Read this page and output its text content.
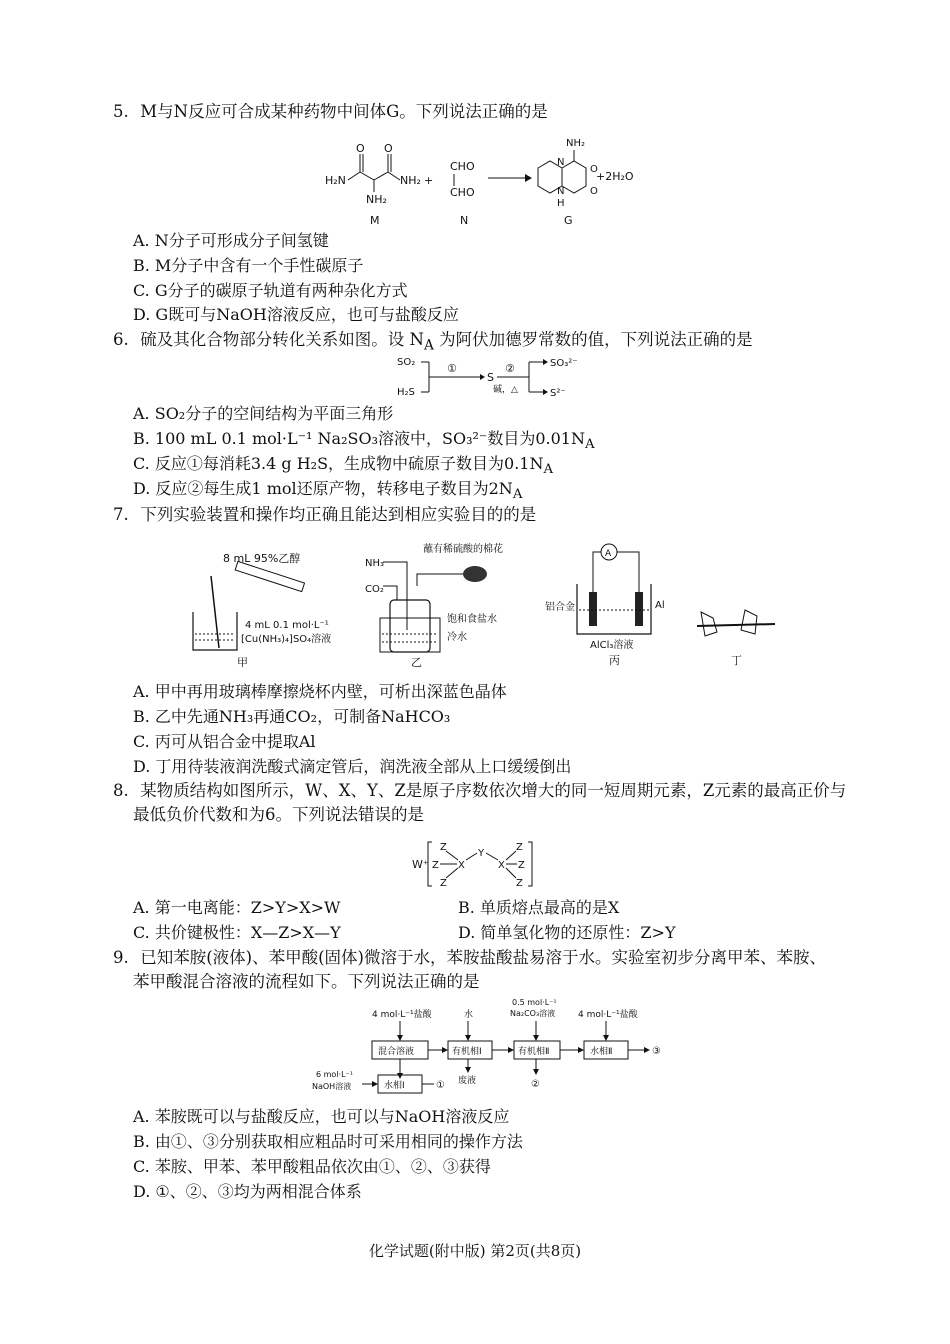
5. M与N反应可合成某种药物中间体G。下列说法正确的是
H₂N
O
NH₂
O
NH₂ +
M
CHO
CHO
N
N
N
H
NH₂
O
O
+2H₂O
G
A. N分子可形成分子间氢键
B. M分子中含有一个手性碳原子
C. G分子的碳原子轨道有两种杂化方式
D. G既可与NaOH溶液反应，也可与盐酸反应
6. 硫及其化合物部分转化关系如图。设 $N_A$ 为阿伏加德罗常数的值，下列说法正确的是
SO₂
H₂S
①
S
②
碱，△
SO₃²⁻
S²⁻
A. SO₂分子的空间结构为平面三角形
B. 100 mL 0.1 mol·L⁻¹ Na₂SO₃溶液中，SO₃²⁻数目为$0.01N_A$
C. 反应①每消耗3.4 g H₂S，生成物中硫原子数目为$0.1N_A$
D. 反应②每生成1 mol还原产物，转移电子数目为$2N_A$
7. 下列实验装置和操作均正确且能达到相应实验目的的是
8 mL 95%乙醇
4 mL 0.1 mol·L⁻¹
[Cu(NH₃)₄]SO₄溶液
甲
NH₃
CO₂
蘸有稀硫酸的棉花
饱和食盐水
冷水
乙
A
铝合金	Al
AlCl₃溶液
丙	丁
A. 甲中再用玻璃棒摩擦烧杯内壁，可析出深蓝色晶体
B. 乙中先通NH₃再通CO₂，可制备NaHCO₃
C. 丙可从铝合金中提取Al
D. 丁用待装液润洗酸式滴定管后，润洗液全部从上口缓缓倒出
8. 某物质结构如图所示，W、X、Y、Z是原子序数依次增大的同一短周期元素，Z元素的最高正价与
最低负价代数和为6。下列说法错误的是
W⁺
Z
Z
Z
X
Y
X
Z
Z
Z
A. 第一电离能：Z>Y>X>W	B. 单质熔点最高的是X
C. 共价键极性：X—Z>X—Y	D. 简单氢化物的还原性：Z>Y
9. 已知苯胺(液体)、苯甲酸(固体)微溶于水，苯胺盐酸盐易溶于水。实验室初步分离甲苯、苯胺、
苯甲酸混合溶液的流程如下。下列说法正确的是
4 mol·L⁻¹盐酸	水
0.5 mol·L⁻¹
Na₂CO₃溶液	4 mol·L⁻¹盐酸
混合溶液	有机相Ⅰ	有机相Ⅱ	水相Ⅱ	③
6 mol·L⁻¹
NaOH溶液	水相Ⅰ	① 废液	②
A. 苯胺既可以与盐酸反应，也可以与NaOH溶液反应
B. 由①、③分别获取相应粗品时可采用相同的操作方法
C. 苯胺、甲苯、苯甲酸粗品依次由①、②、③获得
D. ①、②、③均为两相混合体系
化学试题(附中版) 第2页(共8页)
